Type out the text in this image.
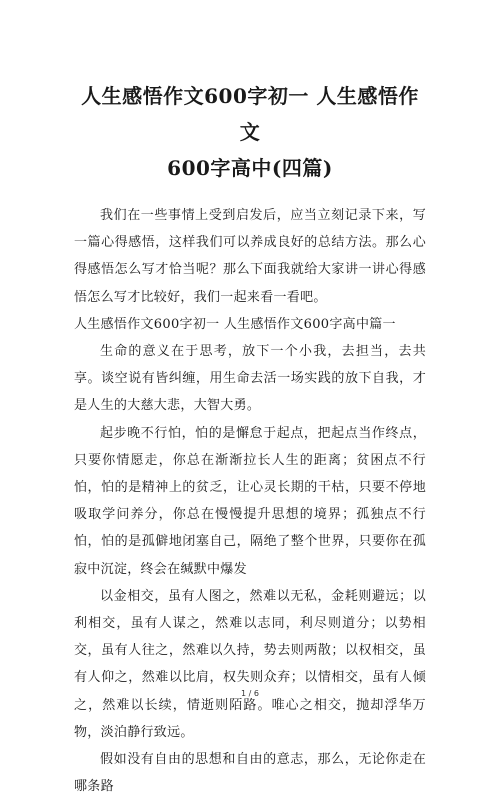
人生感悟作文600字初一 人生感悟作文
600字高中(四篇)

我们在一些事情上受到启发后，应当立刻记录下来，写一篇心得感悟，这样我们可以养成良好的总结方法。那么心得感悟怎么写才恰当呢？那么下面我就给大家讲一讲心得感悟怎么写才比较好，我们一起来看一看吧。

人生感悟作文600字初一 人生感悟作文600字高中篇一

生命的意义在于思考，放下一个小我，去担当，去共享。谈空说有皆纠缠，用生命去活一场实践的放下自我，才是人生的大慈大悲，大智大勇。

起步晚不行怕，怕的是懈怠于起点，把起点当作终点，只要你情愿走，你总在渐渐拉长人生的距离；贫困点不行怕，怕的是精神上的贫乏，让心灵长期的干枯，只要不停地吸取学问养分，你总在慢慢提升思想的境界；孤独点不行怕，怕的是孤僻地闭塞自己，隔绝了整个世界，只要你在孤寂中沉淀，终会在缄默中爆发

以金相交，虽有人图之，然难以无私，金耗则避远；以利相交，虽有人谋之，然难以志同，利尽则道分；以势相交，虽有人往之，然难以久持，势去则两散；以权相交，虽有人仰之，然难以比肩，权失则众弃；以情相交，虽有人倾之，然难以长续，情逝则陌路。唯心之相交，抛却浮华万物，淡泊静行致远。

假如没有自由的思想和自由的意志，那么，无论你走在哪条路

1 / 6
